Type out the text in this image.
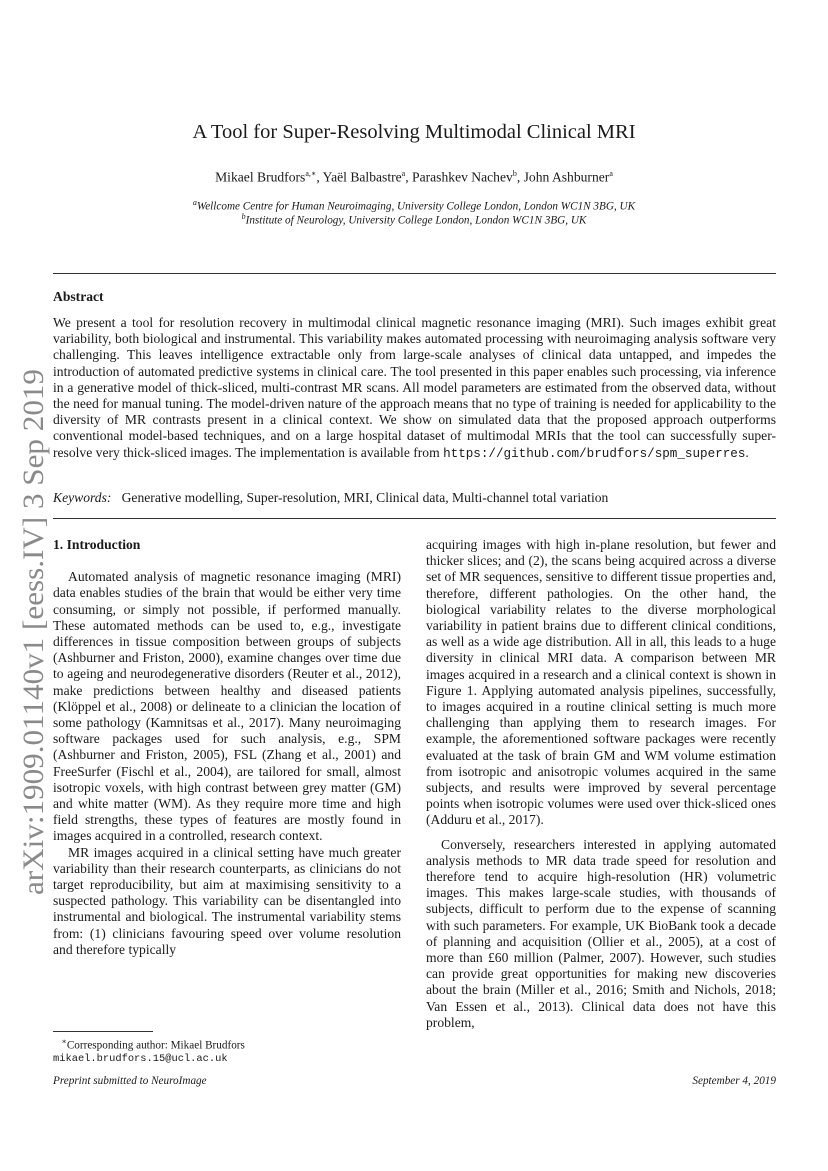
A Tool for Super-Resolving Multimodal Clinical MRI
Mikael Brudfors$^{a,∗}$, Yaël Balbastre$^a$, Parashkev Nachev$^b$, John Ashburner$^a$
$^a$Wellcome Centre for Human Neuroimaging, University College London, London WC1N 3BG, UK
$^b$Institute of Neurology, University College London, London WC1N 3BG, UK
Abstract
We present a tool for resolution recovery in multimodal clinical magnetic resonance imaging (MRI). Such images exhibit great variability, both biological and instrumental. This variability makes automated processing with neuroimaging analysis software very challenging. This leaves intelligence extractable only from large-scale analyses of clinical data untapped, and impedes the introduction of automated predictive systems in clinical care. The tool presented in this paper enables such processing, via inference in a generative model of thick-sliced, multi-contrast MR scans. All model parameters are estimated from the observed data, without the need for manual tuning. The model-driven nature of the approach means that no type of training is needed for applicability to the diversity of MR contrasts present in a clinical context. We show on simulated data that the proposed approach outperforms conventional model-based techniques, and on a large hospital dataset of multimodal MRIs that the tool can successfully super-resolve very thick-sliced images. The implementation is available from https://github.com/brudfors/spm_superres.
Keywords: Generative modelling, Super-resolution, MRI, Clinical data, Multi-channel total variation
arXiv:1909.01140v1 [eess.IV] 3 Sep 2019 1. Introduction

Automated analysis of magnetic resonance imaging (MRI) data enables studies of the brain that would be either very time consuming, or simply not possible, if performed manually. These automated methods can be used to, e.g., investigate differences in tissue composition between groups of subjects (Ashburner and Friston, 2000), examine changes over time due to ageing and neurodegenerative disorders (Reuter et al., 2012), make predictions between healthy and diseased patients (Klöppel et al., 2008) or delineate to a clinician the location of some pathology (Kamnitsas et al., 2017). Many neuroimaging software packages used for such analysis, e.g., SPM (Ashburner and Friston, 2005), FSL (Zhang et al., 2001) and FreeSurfer (Fischl et al., 2004), are tailored for small, almost isotropic voxels, with high contrast between grey matter (GM) and white matter (WM). As they require more time and high field strengths, these types of features are mostly found in images acquired in a controlled, research context.

MR images acquired in a clinical setting have much greater variability than their research counterparts, as clinicians do not target reproducibility, but aim at maximising sensitivity to a suspected pathology. This variability can be disentangled into instrumental and biological. The instrumental variability stems from: (1) clinicians favouring speed over volume resolution and therefore typically

acquiring images with high in-plane resolution, but fewer and thicker slices; and (2), the scans being acquired across a diverse set of MR sequences, sensitive to different tissue properties and, therefore, different pathologies. On the other hand, the biological variability relates to the diverse morphological variability in patient brains due to different clinical conditions, as well as a wide age distribution. All in all, this leads to a huge diversity in clinical MRI data. A comparison between MR images acquired in a research and a clinical context is shown in Figure 1. Applying automated analysis pipelines, successfully, to images acquired in a routine clinical setting is much more challenging than applying them to research images. For example, the aforementioned software packages were recently evaluated at the task of brain GM and WM volume estimation from isotropic and anisotropic volumes acquired in the same subjects, and results were improved by several percentage points when isotropic volumes were used over thick-sliced ones (Adduru et al., 2017).

Conversely, researchers interested in applying automated analysis methods to MR data trade speed for resolution and therefore tend to acquire high-resolution (HR) volumetric images. This makes large-scale studies, with thousands of subjects, difficult to perform due to the expense of scanning with such parameters. For example, UK BioBank took a decade of planning and acquisition (Ollier et al., 2005), at a cost of more than £60 million (Palmer, 2007). However, such studies can provide great opportunities for making new discoveries about the brain (Miller et al., 2016; Smith and Nichols, 2018; Van Essen et al., 2013). Clinical data does not have this problem,

∗Corresponding author: Mikael Brudfors
mikael.brudfors.15@ucl.ac.uk
Preprint submitted to NeuroImage	September 4, 2019
